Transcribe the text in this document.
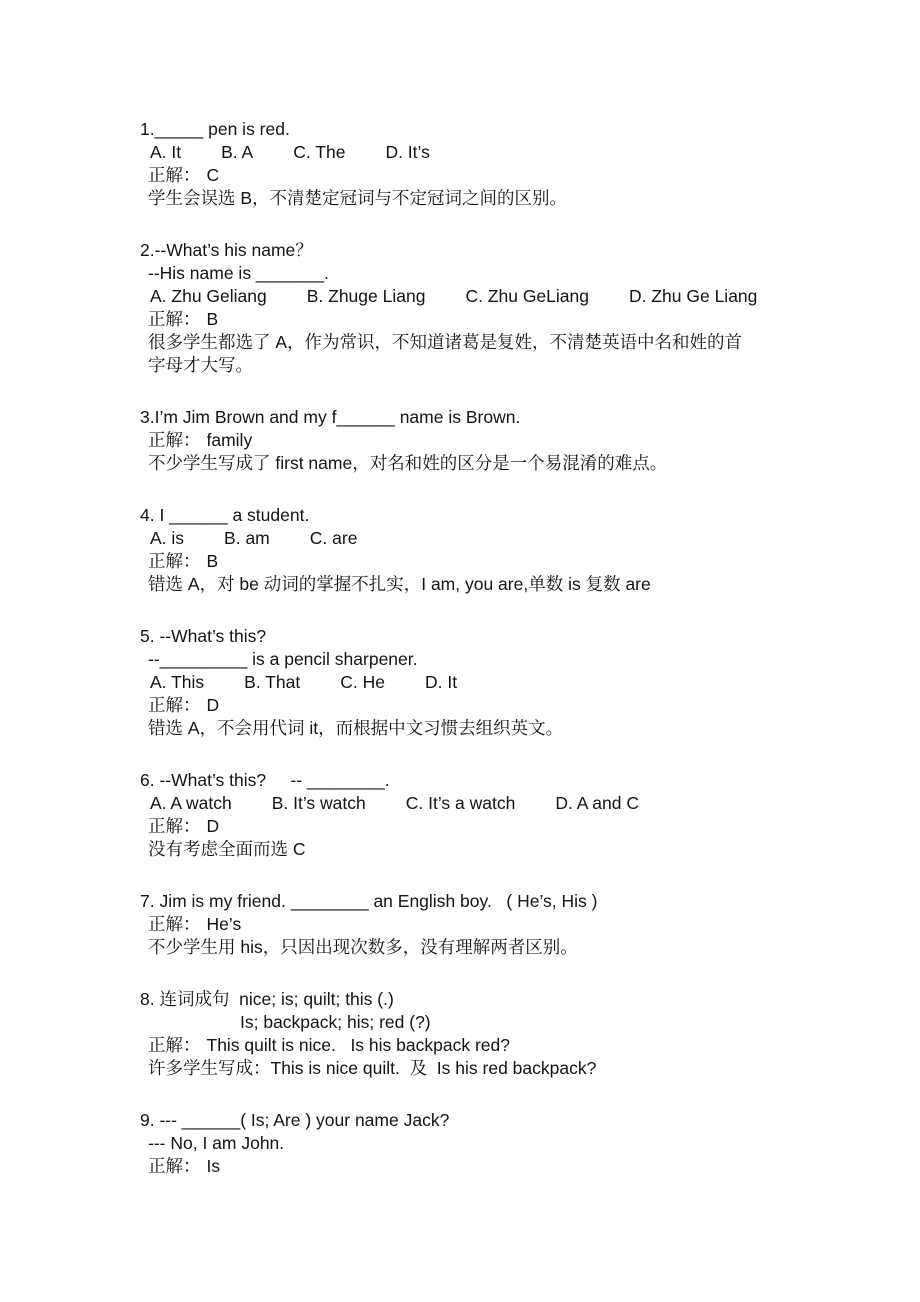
1._____ pen is red.
A. It B. A C. The D. It’s
正解： C
学生会误选 B，不清楚定冠词与不定冠词之间的区别。
2.--What’s his name？
--His name is _______.
A. Zhu Geliang B. Zhuge Liang C. Zhu GeLiang D. Zhu Ge Liang
正解： B
很多学生都选了 A，作为常识，不知道诸葛是复姓，不清楚英语中名和姓的首
字母才大写。
3.I’m Jim Brown and my f______ name is Brown.
正解： family
不少学生写成了 first name，对名和姓的区分是一个易混淆的难点。
4. I ______ a student.
A. is B. am C. are
正解： B
错选 A，对 be 动词的掌握不扎实，I am, you are,单数 is 复数 are
5. --What’s this?
--_________ is a pencil sharpener.
A. This B. That C. He D. It
正解： D
错选 A，不会用代词 it，而根据中文习惯去组织英文。
6. --What’s this?     -- ________.
A. A watch B. It’s watch C. It’s a watch D. A and C
正解： D
没有考虑全面而选 C
7. Jim is my friend. ________ an English boy.   ( He’s, His )
正解： He’s
不少学生用 his，只因出现次数多，没有理解两者区别。
8. 连词成句  nice; is; quilt; this (.)
Is; backpack; his; red (?)
正解： This quilt is nice.   Is his backpack red?
许多学生写成：This is nice quilt.  及  Is his red backpack?
9. --- ______( Is; Are ) your name Jack?
--- No, I am John.
正解： Is
